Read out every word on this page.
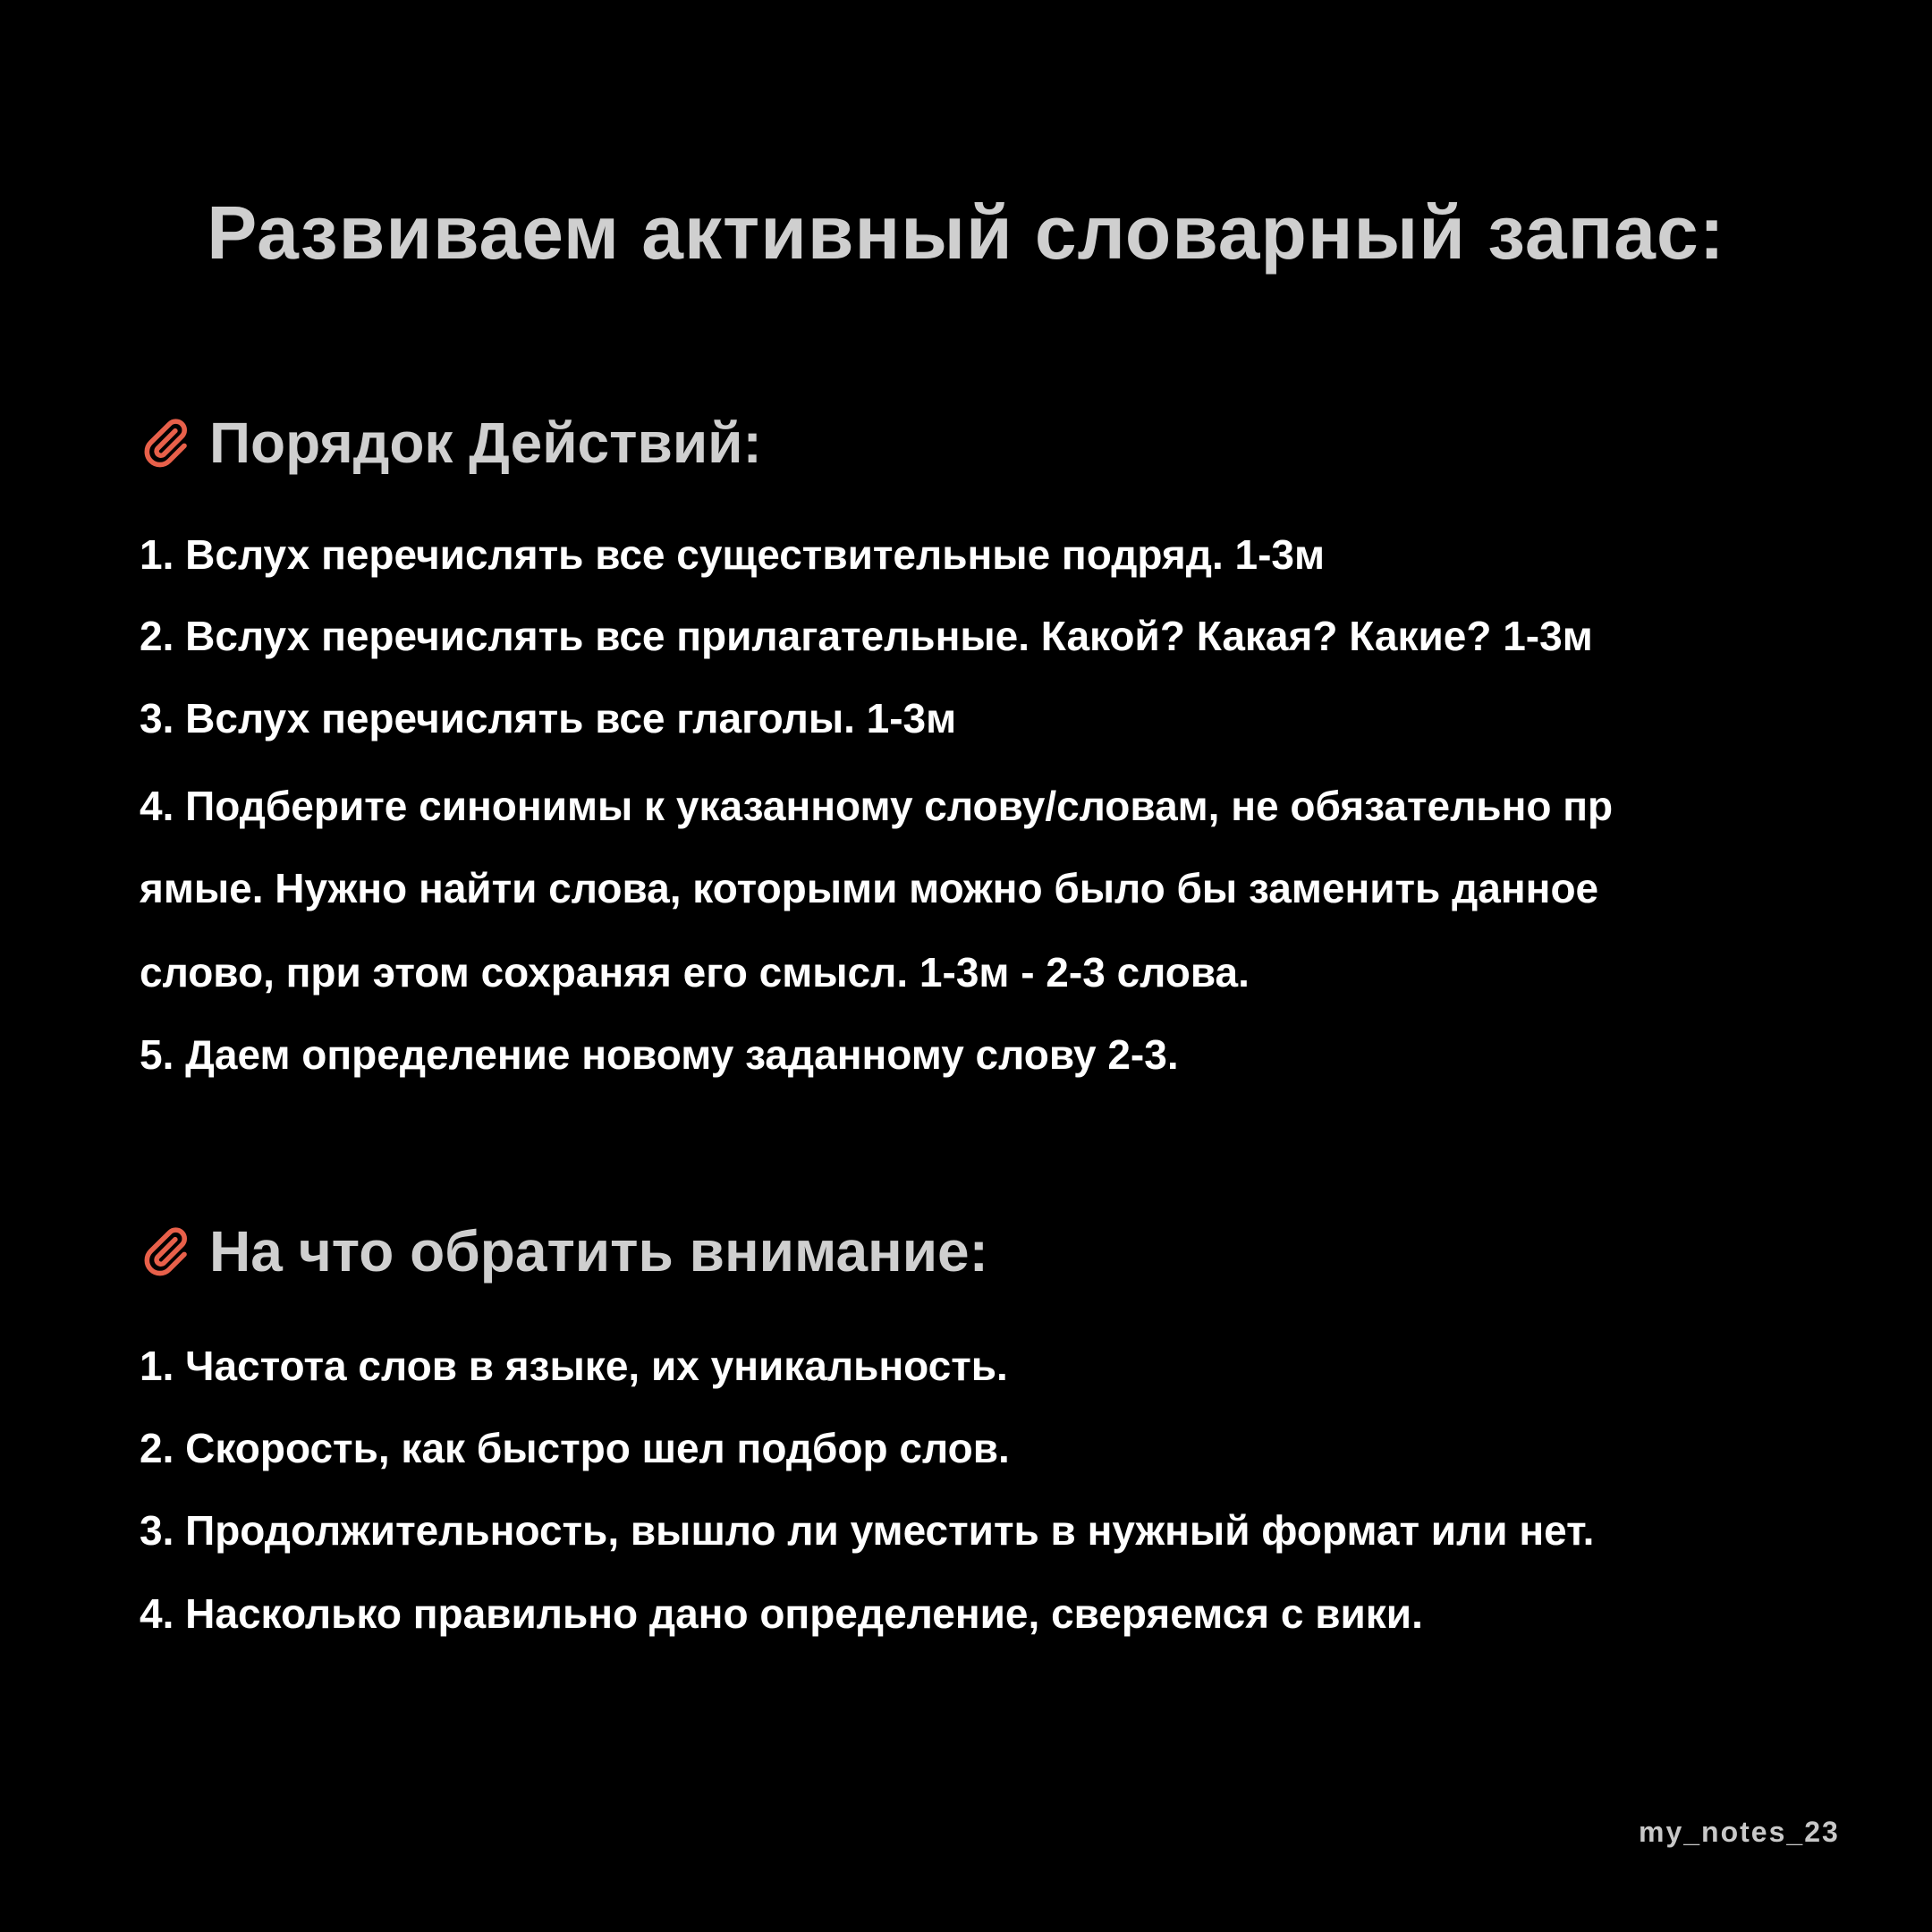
Развиваем активный словарный запас:
Порядок Действий:
1. Вслух перечислять все существительные подряд. 1-3м
2. Вслух перечислять все прилагательные. Какой? Какая? Какие? 1-3м
3. Вслух перечислять все глаголы. 1-3м
4. Подберите синонимы к указанному слову/словам, не обязательно пр
ямые. Нужно найти слова, которыми можно было бы заменить данное
слово, при этом сохраняя его смысл. 1-3м - 2-3 слова.
5. Даем определение новому заданному слову 2-3.
На что обратить внимание:
1. Частота слов в языке, их уникальность.
2. Скорость, как быстро шел подбор слов.
3. Продолжительность, вышло ли уместить в нужный формат или нет.
4. Насколько правильно дано определение, сверяемся с вики.
my_notes_23
